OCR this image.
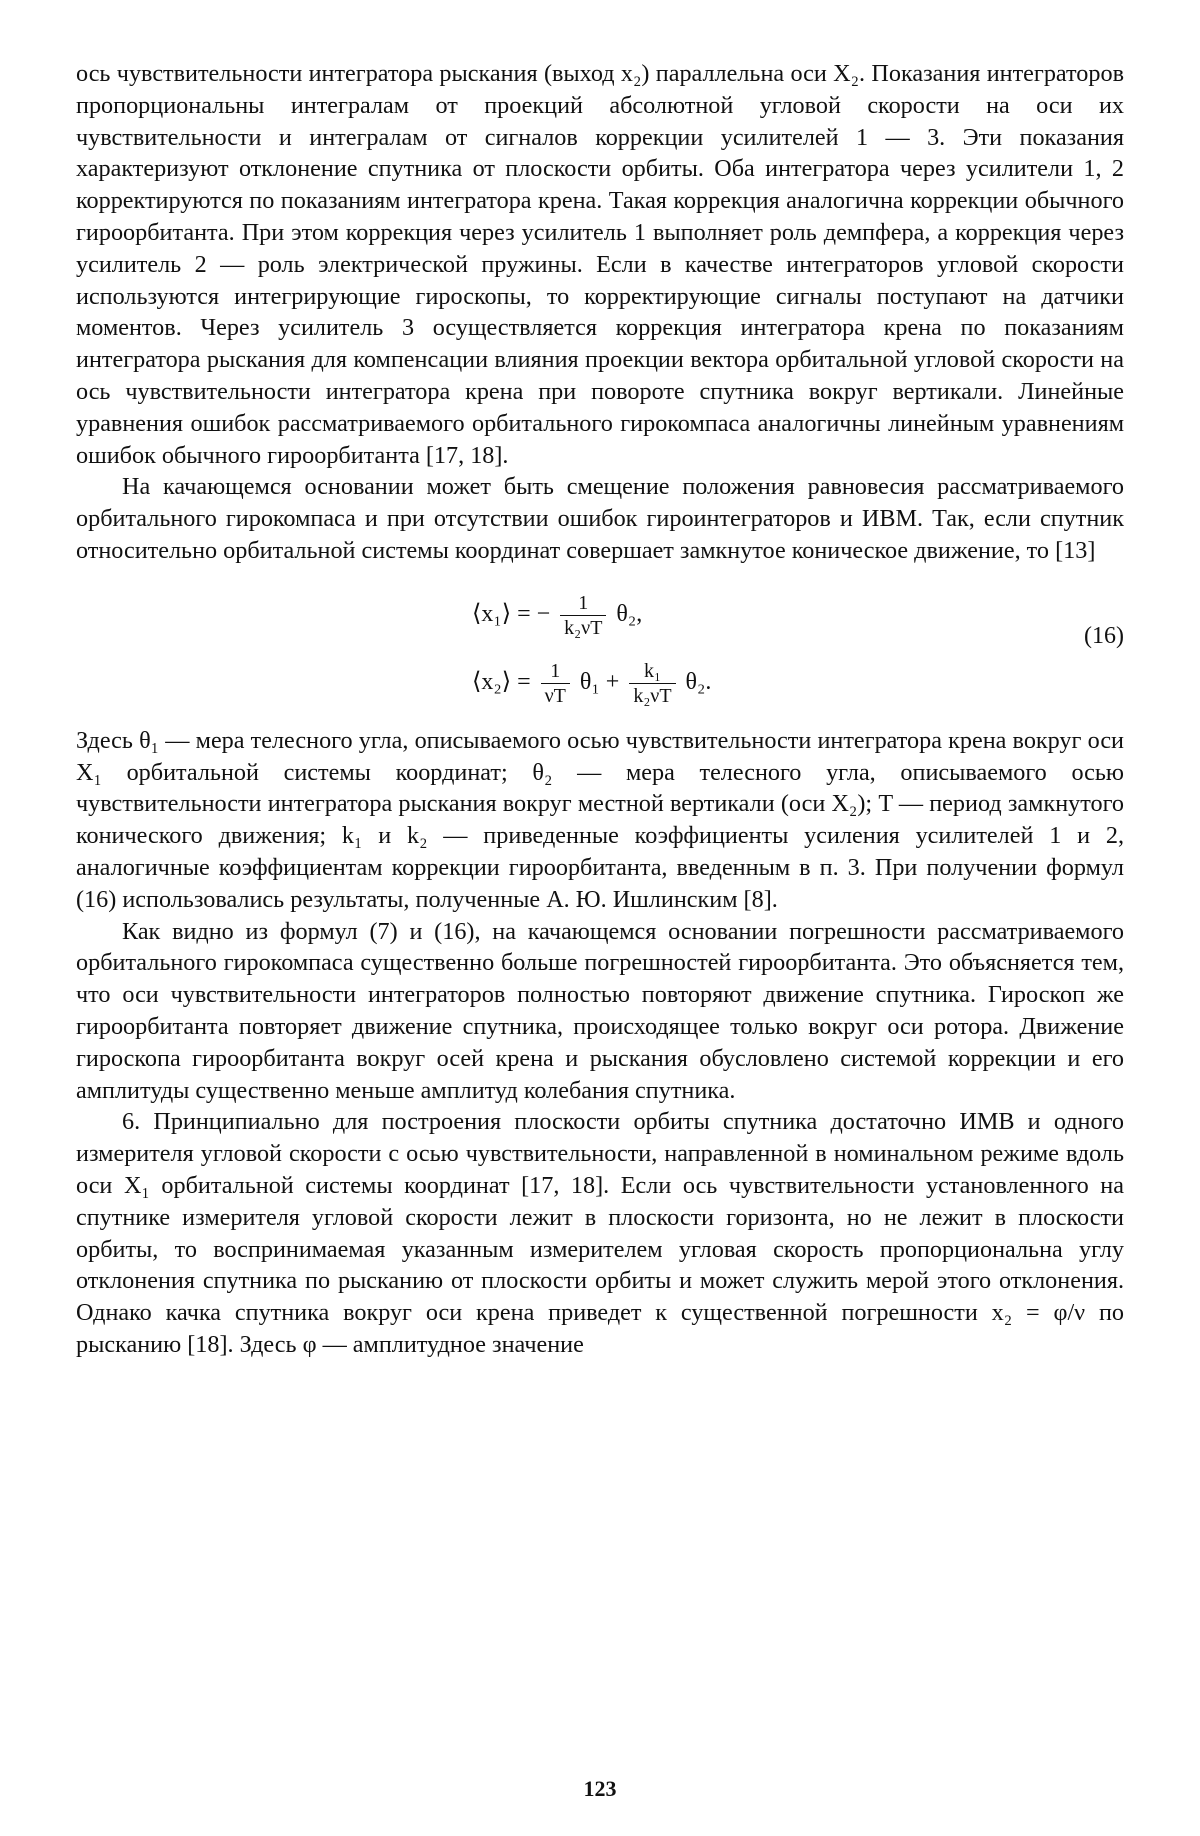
ось чувствительности интегратора рыскания (выход x₂) параллельна оси X₂. Показания интеграторов пропорциональны интегралам от проекций абсолютной угловой скорости на оси их чувствительности и интегралам от сигналов коррекции усилителей 1 — 3. Эти показания характеризуют отклонение спутника от плоскости орбиты. Оба интегратора через усилители 1, 2 корректируются по показаниям интегратора крена. Такая коррекция аналогична коррекции обычного гироорбитанта. При этом коррекция через усилитель 1 выполняет роль демпфера, а коррекция через усилитель 2 — роль электрической пружины. Если в качестве интеграторов угловой скорости используются интегрирующие гироскопы, то корректирующие сигналы поступают на датчики моментов. Через усилитель 3 осуществляется коррекция интегратора крена по показаниям интегратора рыскания для компенсации влияния проекции вектора орбитальной угловой скорости на ось чувствительности интегратора крена при повороте спутника вокруг вертикали. Линейные уравнения ошибок рассматриваемого орбитального гирокомпаса аналогичны линейным уравнениям ошибок обычного гироорбитанта [17, 18].

На качающемся основании может быть смещение положения равновесия рассматриваемого орбитального гирокомпаса и при отсутствии ошибок гироинтеграторов и ИВМ. Так, если спутник относительно орбитальной системы координат совершает замкнутое коническое движение, то [13]

⟨x₁⟩ = − $\frac{1}{\text{k₂νT}} \theta_2$,
⟨x₂⟩ = $\frac{1}{\nu T} \theta_1 + \frac{\text{k₁}}{\text{k₂νT}} \theta_2$.
(16)

Здесь θ₁ — мера телесного угла, описываемого осью чувствительности интегратора крена вокруг оси X₁ орбитальной системы координат; θ₂ — мера телесного угла, описываемого осью чувствительности интегратора рыскания вокруг местной вертикали (оси X₂); T — период замкнутого конического движения; k₁ и k₂ — приведенные коэффициенты усиления усилителей 1 и 2, аналогичные коэффициентам коррекции гироорбитанта, введенным в п. 3. При получении формул (16) использовались результаты, полученные А. Ю. Ишлинским [8].

Как видно из формул (7) и (16), на качающемся основании погрешности рассматриваемого орбитального гирокомпаса существенно больше погрешностей гироорбитанта. Это объясняется тем, что оси чувствительности интеграторов полностью повторяют движение спутника. Гироскоп же гироорбитанта повторяет движение спутника, происходящее только вокруг оси ротора. Движение гироскопа гироорбитанта вокруг осей крена и рыскания обусловлено системой коррекции и его амплитуды существенно меньше амплитуд колебания спутника.

6. Принципиально для построения плоскости орбиты спутника достаточно ИМВ и одного измерителя угловой скорости с осью чувствительности, направленной в номинальном режиме вдоль оси X₁ орбитальной системы координат [17, 18]. Если ось чувствительности установленного на спутнике измерителя угловой скорости лежит в плоскости горизонта, но не лежит в плоскости орбиты, то воспринимаемая указанным измерителем угловая скорость пропорциональна углу отклонения спутника по рысканию от плоскости орбиты и может служить мерой этого отклонения. Однако качка спутника вокруг оси крена приведет к существенной погрешности x₂ = φ/ν по рысканию [18]. Здесь φ — амплитудное значение

123
